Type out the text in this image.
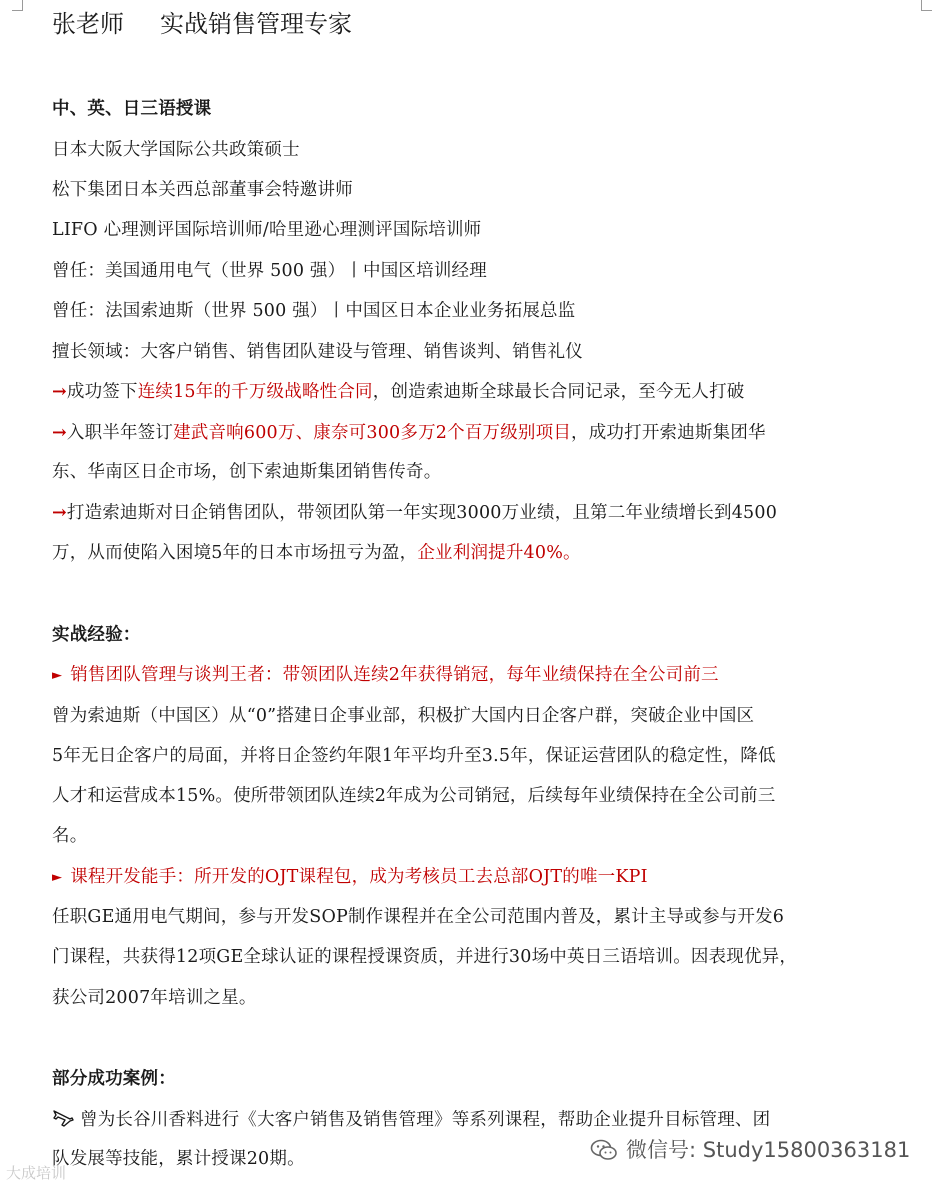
张老师 实战销售管理专家
中、英、日三语授课
日本大阪大学国际公共政策硕士
松下集团日本关西总部董事会特邀讲师
LIFO 心理测评国际培训师/哈里逊心理测评国际培训师
曾任：美国通用电气（世界 500 强）丨中国区培训经理
曾任：法国索迪斯（世界 500 强）丨中国区日本企业业务拓展总监
擅长领域：大客户销售、销售团队建设与管理、销售谈判、销售礼仪
→成功签下连续15年的千万级战略性合同，创造索迪斯全球最长合同记录，至今无人打破
→入职半年签订建武音响600万、康奈可300多万2个百万级别项目，成功打开索迪斯集团华
东、华南区日企市场，创下索迪斯集团销售传奇。
→打造索迪斯对日企销售团队，带领团队第一年实现3000万业绩，且第二年业绩增长到4500
万，从而使陷入困境5年的日本市场扭亏为盈，企业利润提升40%。
实战经验：
► 销售团队管理与谈判王者：带领团队连续2年获得销冠，每年业绩保持在全公司前三
曾为索迪斯（中国区）从“0”搭建日企事业部，积极扩大国内日企客户群，突破企业中国区
5年无日企客户的局面，并将日企签约年限1年平均升至3.5年，保证运营团队的稳定性，降低
人才和运营成本15%。使所带领团队连续2年成为公司销冠，后续每年业绩保持在全公司前三
名。
► 课程开发能手：所开发的OJT课程包，成为考核员工去总部OJT的唯一KPI
任职GE通用电气期间，参与开发SOP制作课程并在全公司范围内普及，累计主导或参与开发6
门课程，共获得12项GE全球认证的课程授课资质，并进行30场中英日三语培训。因表现优异，
获公司2007年培训之星。
部分成功案例：
曾为长谷川香料进行《大客户销售及销售管理》等系列课程，帮助企业提升目标管理、团
队发展等技能，累计授课20期。	微信号: Study15800363181
大成培训
